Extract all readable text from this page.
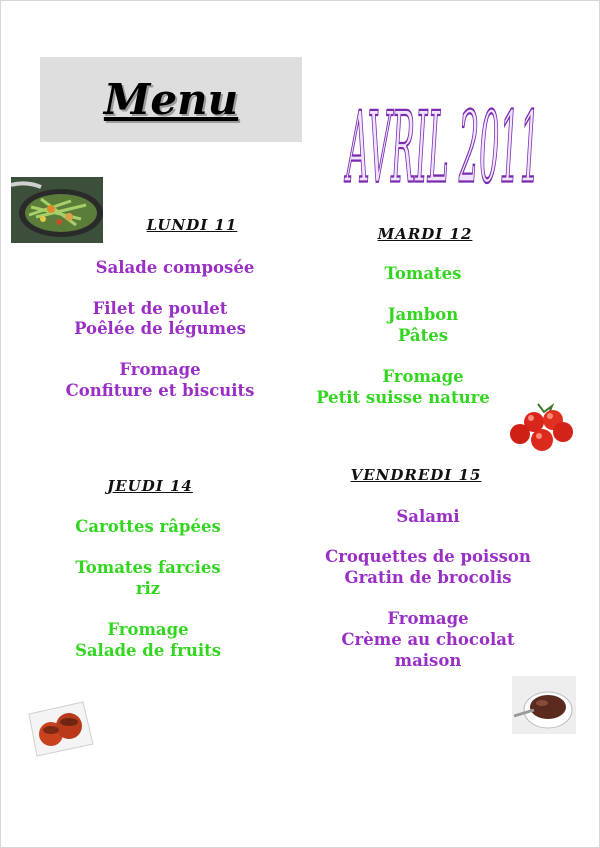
Menu	AVRIL 2011
LUNDI 11
Salade composée
Filet de poulet
Poêlée de légumes
Fromage
Confiture et biscuits
MARDI 12
Tomates
Jambon
Pâtes
Fromage
Petit suisse nature
JEUDI 14
Carottes râpées
Tomates farcies
riz
Fromage
Salade de fruits
VENDREDI 15
Salami
Croquettes de poisson
Gratin de brocolis
Fromage
Crème au chocolat
maison
